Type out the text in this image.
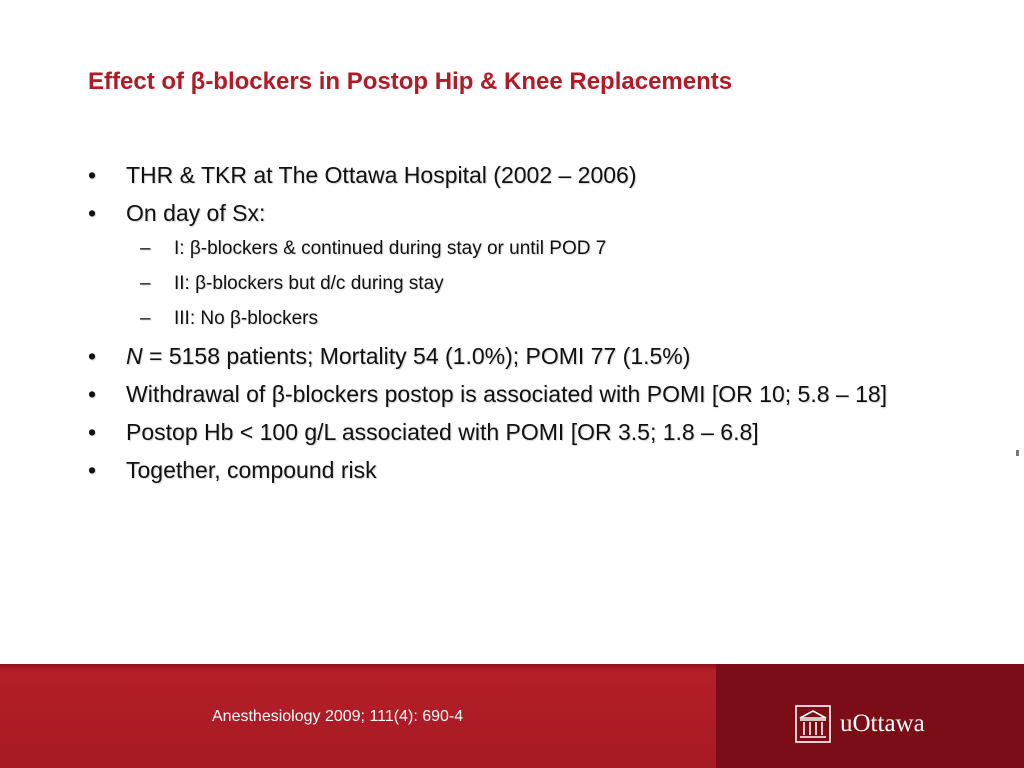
Effect of β-blockers in Postop Hip & Knee Replacements
• THR & TKR at The Ottawa Hospital (2002 – 2006)
• On day of Sx:
– I: β-blockers & continued during stay or until POD 7
– II: β-blockers but d/c during stay
– III: No β-blockers
• N = 5158 patients; Mortality 54 (1.0%); POMI 77 (1.5%)
• Withdrawal of β-blockers postop is associated with POMI [OR 10; 5.8 – 18]
• Postop Hb < 100 g/L associated with POMI [OR 3.5; 1.8 – 6.8]
• Together, compound risk
Anesthesiology 2009; 111(4): 690-4	uOttawa
